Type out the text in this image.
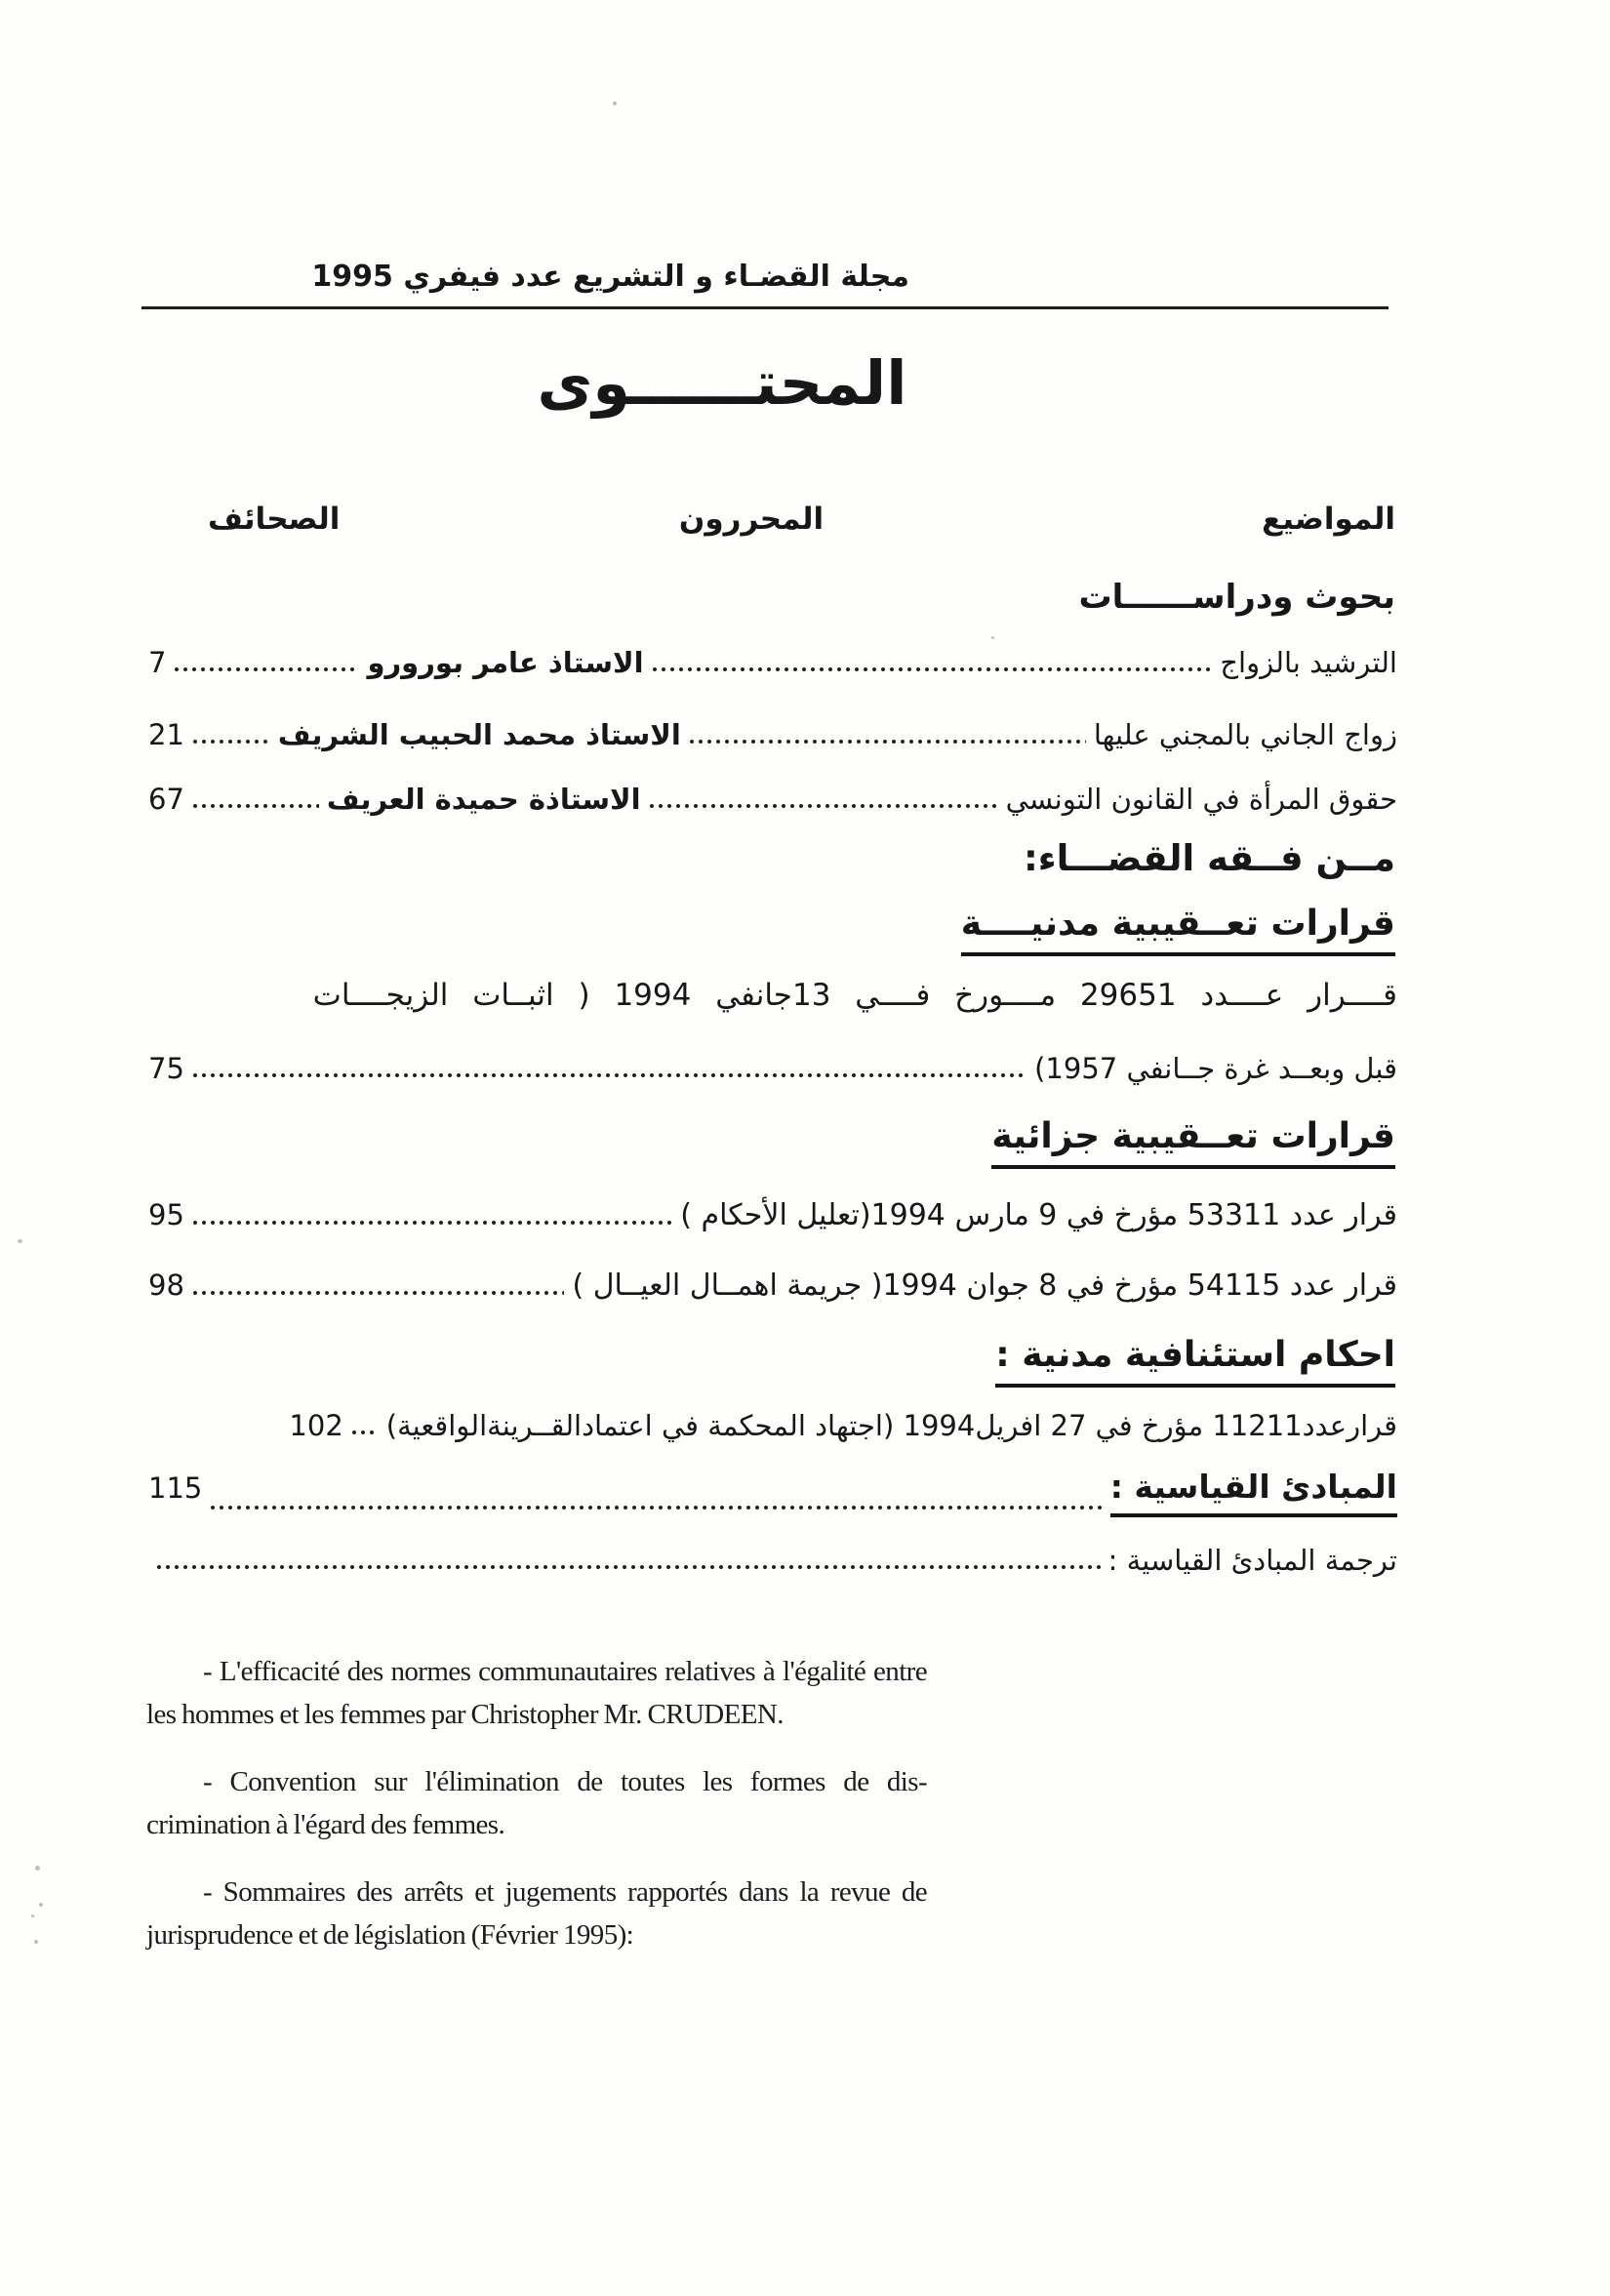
مجلة القضـاء و التشريع عدد فيفري 1995
المحتــــــوى
المواضيع
المحررون
الصحائف
بحوث ودراســــــات
الترشيد بالزواج
الاستاذ عامر بورورو
7
زواج الجاني بالمجني عليها
الاستاذ محمد الحبيب الشريف
21
حقوق المرأة في القانون التونسي
الاستاذة حميدة العريف
67
مــن فــقه القضـــاء:
قرارات تعــقيبية مدنيــــة
قــــرار عــــدد 29651 مــــورخ فــــي 13جانفي 1994 ( اثبــات الزيجــــات
قبل وبعــد غرة جــانفي 1957)
75
قرارات تعــقيبية جزائية
قرار عدد 53311 مؤرخ في 9 مارس 1994(تعليل الأحكام )
95
قرار عدد 54115 مؤرخ في 8 جوان 1994( جريمة اهمــال العيــال )
98
احكام استئنافية مدنية :
قرارعدد11211 مؤرخ في 27 افريل1994 (اجتهاد المحكمة في اعتمادالقــرينةالواقعية)
102
المبادئ القياسية :
115
ترجمة المبادئ القياسية :

- L'efficacité des normes communautaires relatives à l'égalité entre les hommes et les femmes par Christopher Mr. CRUDEEN.

- Convention sur l'élimination de toutes les formes de dis-crimination à l'égard des femmes.

- Sommaires des arrêts et jugements rapportés dans la revue de jurisprudence et de législation (Février 1995):
